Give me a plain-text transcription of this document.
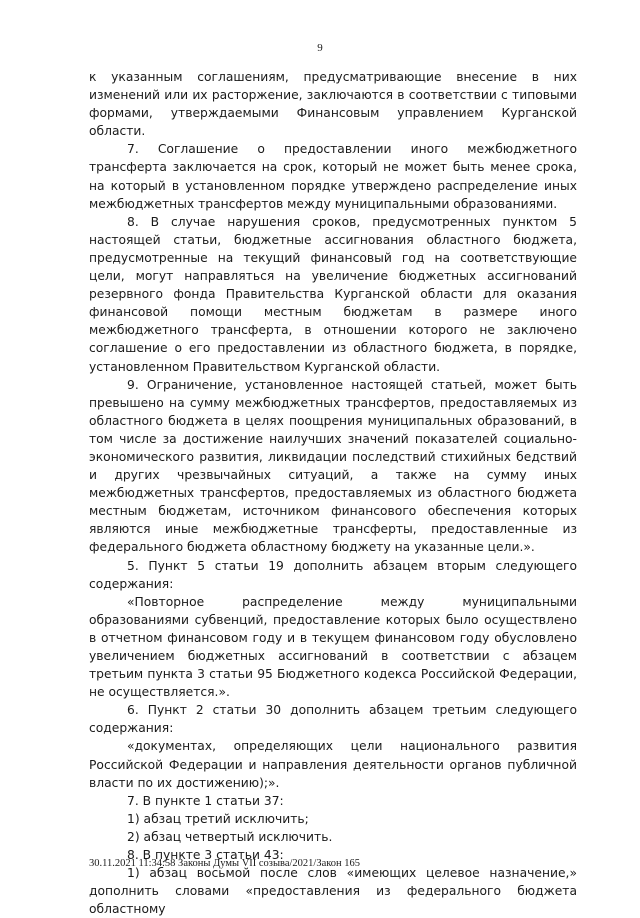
9

к указанным соглашениям, предусматривающие внесение в них изменений или их расторжение, заключаются в соответствии с типовыми формами, утверждаемыми Финансовым управлением Курганской области.

7. Соглашение о предоставлении иного межбюджетного трансферта заключается на срок, который не может быть менее срока, на который в установленном порядке утверждено распределение иных межбюджетных трансфертов между муниципальными образованиями.

8. В случае нарушения сроков, предусмотренных пунктом 5 настоящей статьи, бюджетные ассигнования областного бюджета, предусмотренные на текущий финансовый год на соответствующие цели, могут направляться на увеличение бюджетных ассигнований резервного фонда Правительства Курганской области для оказания финансовой помощи местным бюджетам в размере иного межбюджетного трансферта, в отношении которого не заключено соглашение о его предоставлении из областного бюджета, в порядке, установленном Правительством Курганской области.

9. Ограничение, установленное настоящей статьей, может быть превышено на сумму межбюджетных трансфертов, предоставляемых из областного бюджета в целях поощрения муниципальных образований, в том числе за достижение наилучших значений показателей социально-экономического развития, ликвидации последствий стихийных бедствий и других чрезвычайных ситуаций, а также на сумму иных межбюджетных трансфертов, предоставляемых из областного бюджета местным бюджетам, источником финансового обеспечения которых являются иные межбюджетные трансферты, предоставленные из федерального бюджета областному бюджету на указанные цели.».

5. Пункт 5 статьи 19 дополнить абзацем вторым следующего содержания:

«Повторное распределение между муниципальными образованиями субвенций, предоставление которых было осуществлено в отчетном финансовом году и в текущем финансовом году обусловлено увеличением бюджетных ассигнований в соответствии с абзацем третьим пункта 3 статьи 95 Бюджетного кодекса Российской Федерации, не осуществляется.».

6. Пункт 2 статьи 30 дополнить абзацем третьим следующего содержания:

«документах, определяющих цели национального развития Российской Федерации и направления деятельности органов публичной власти по их достижению);».

7. В пункте 1 статьи 37:

1) абзац третий исключить;

2) абзац четвертый исключить.

8. В пункте 3 статьи 43:

1) абзац восьмой после слов «имеющих целевое назначение,» дополнить словами «предоставления из федерального бюджета областному

30.11.2021 11:34:58 Законы Думы VII созыва/2021/Закон 165
